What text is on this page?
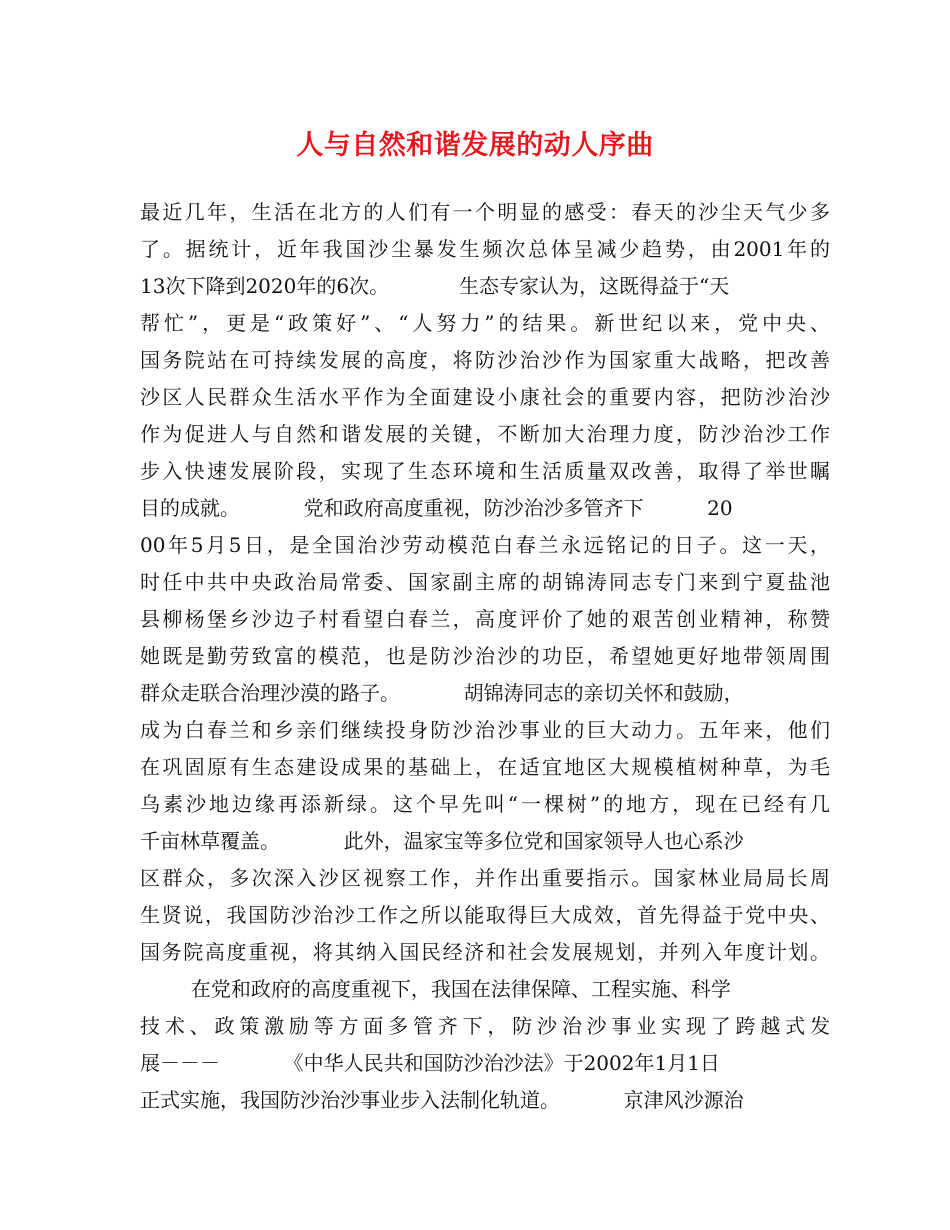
人与自然和谐发展的动人序曲
最近几年，生活在北方的人们有一个明显的感受：春天的沙尘天气少多
了。据统计，近年我国沙尘暴发生频次总体呈减少趋势，由2001年的
13次下降到2020年的6次。           生态专家认为，这既得益于“天
帮忙”，更是“政策好”、“人努力”的结果。新世纪以来，党中央、
国务院站在可持续发展的高度，将防沙治沙作为国家重大战略，把改善
沙区人民群众生活水平作为全面建设小康社会的重要内容，把防沙治沙
作为促进人与自然和谐发展的关键，不断加大治理力度，防沙治沙工作
步入快速发展阶段，实现了生态环境和生活质量双改善，取得了举世瞩
目的成就。          党和政府高度重视，防沙治沙多管齐下          20
00年5月5日，是全国治沙劳动模范白春兰永远铭记的日子。这一天，
时任中共中央政治局常委、国家副主席的胡锦涛同志专门来到宁夏盐池
县柳杨堡乡沙边子村看望白春兰，高度评价了她的艰苦创业精神，称赞
她既是勤劳致富的模范，也是防沙治沙的功臣，希望她更好地带领周围
群众走联合治理沙漠的路子。          胡锦涛同志的亲切关怀和鼓励，
成为白春兰和乡亲们继续投身防沙治沙事业的巨大动力。五年来，他们
在巩固原有生态建设成果的基础上，在适宜地区大规模植树种草，为毛
乌素沙地边缘再添新绿。这个早先叫“一棵树”的地方，现在已经有几
千亩林草覆盖。          此外，温家宝等多位党和国家领导人也心系沙
区群众，多次深入沙区视察工作，并作出重要指示。国家林业局局长周
生贤说，我国防沙治沙工作之所以能取得巨大成效，首先得益于党中央、
国务院高度重视，将其纳入国民经济和社会发展规划，并列入年度计划。
在党和政府的高度重视下，我国在法律保障、工程实施、科学
技术、政策激励等方面多管齐下，防沙治沙事业实现了跨越式发
展－－－          《中华人民共和国防沙治沙法》于2002年1月1日
正式实施，我国防沙治沙事业步入法制化轨道。          京津风沙源治
